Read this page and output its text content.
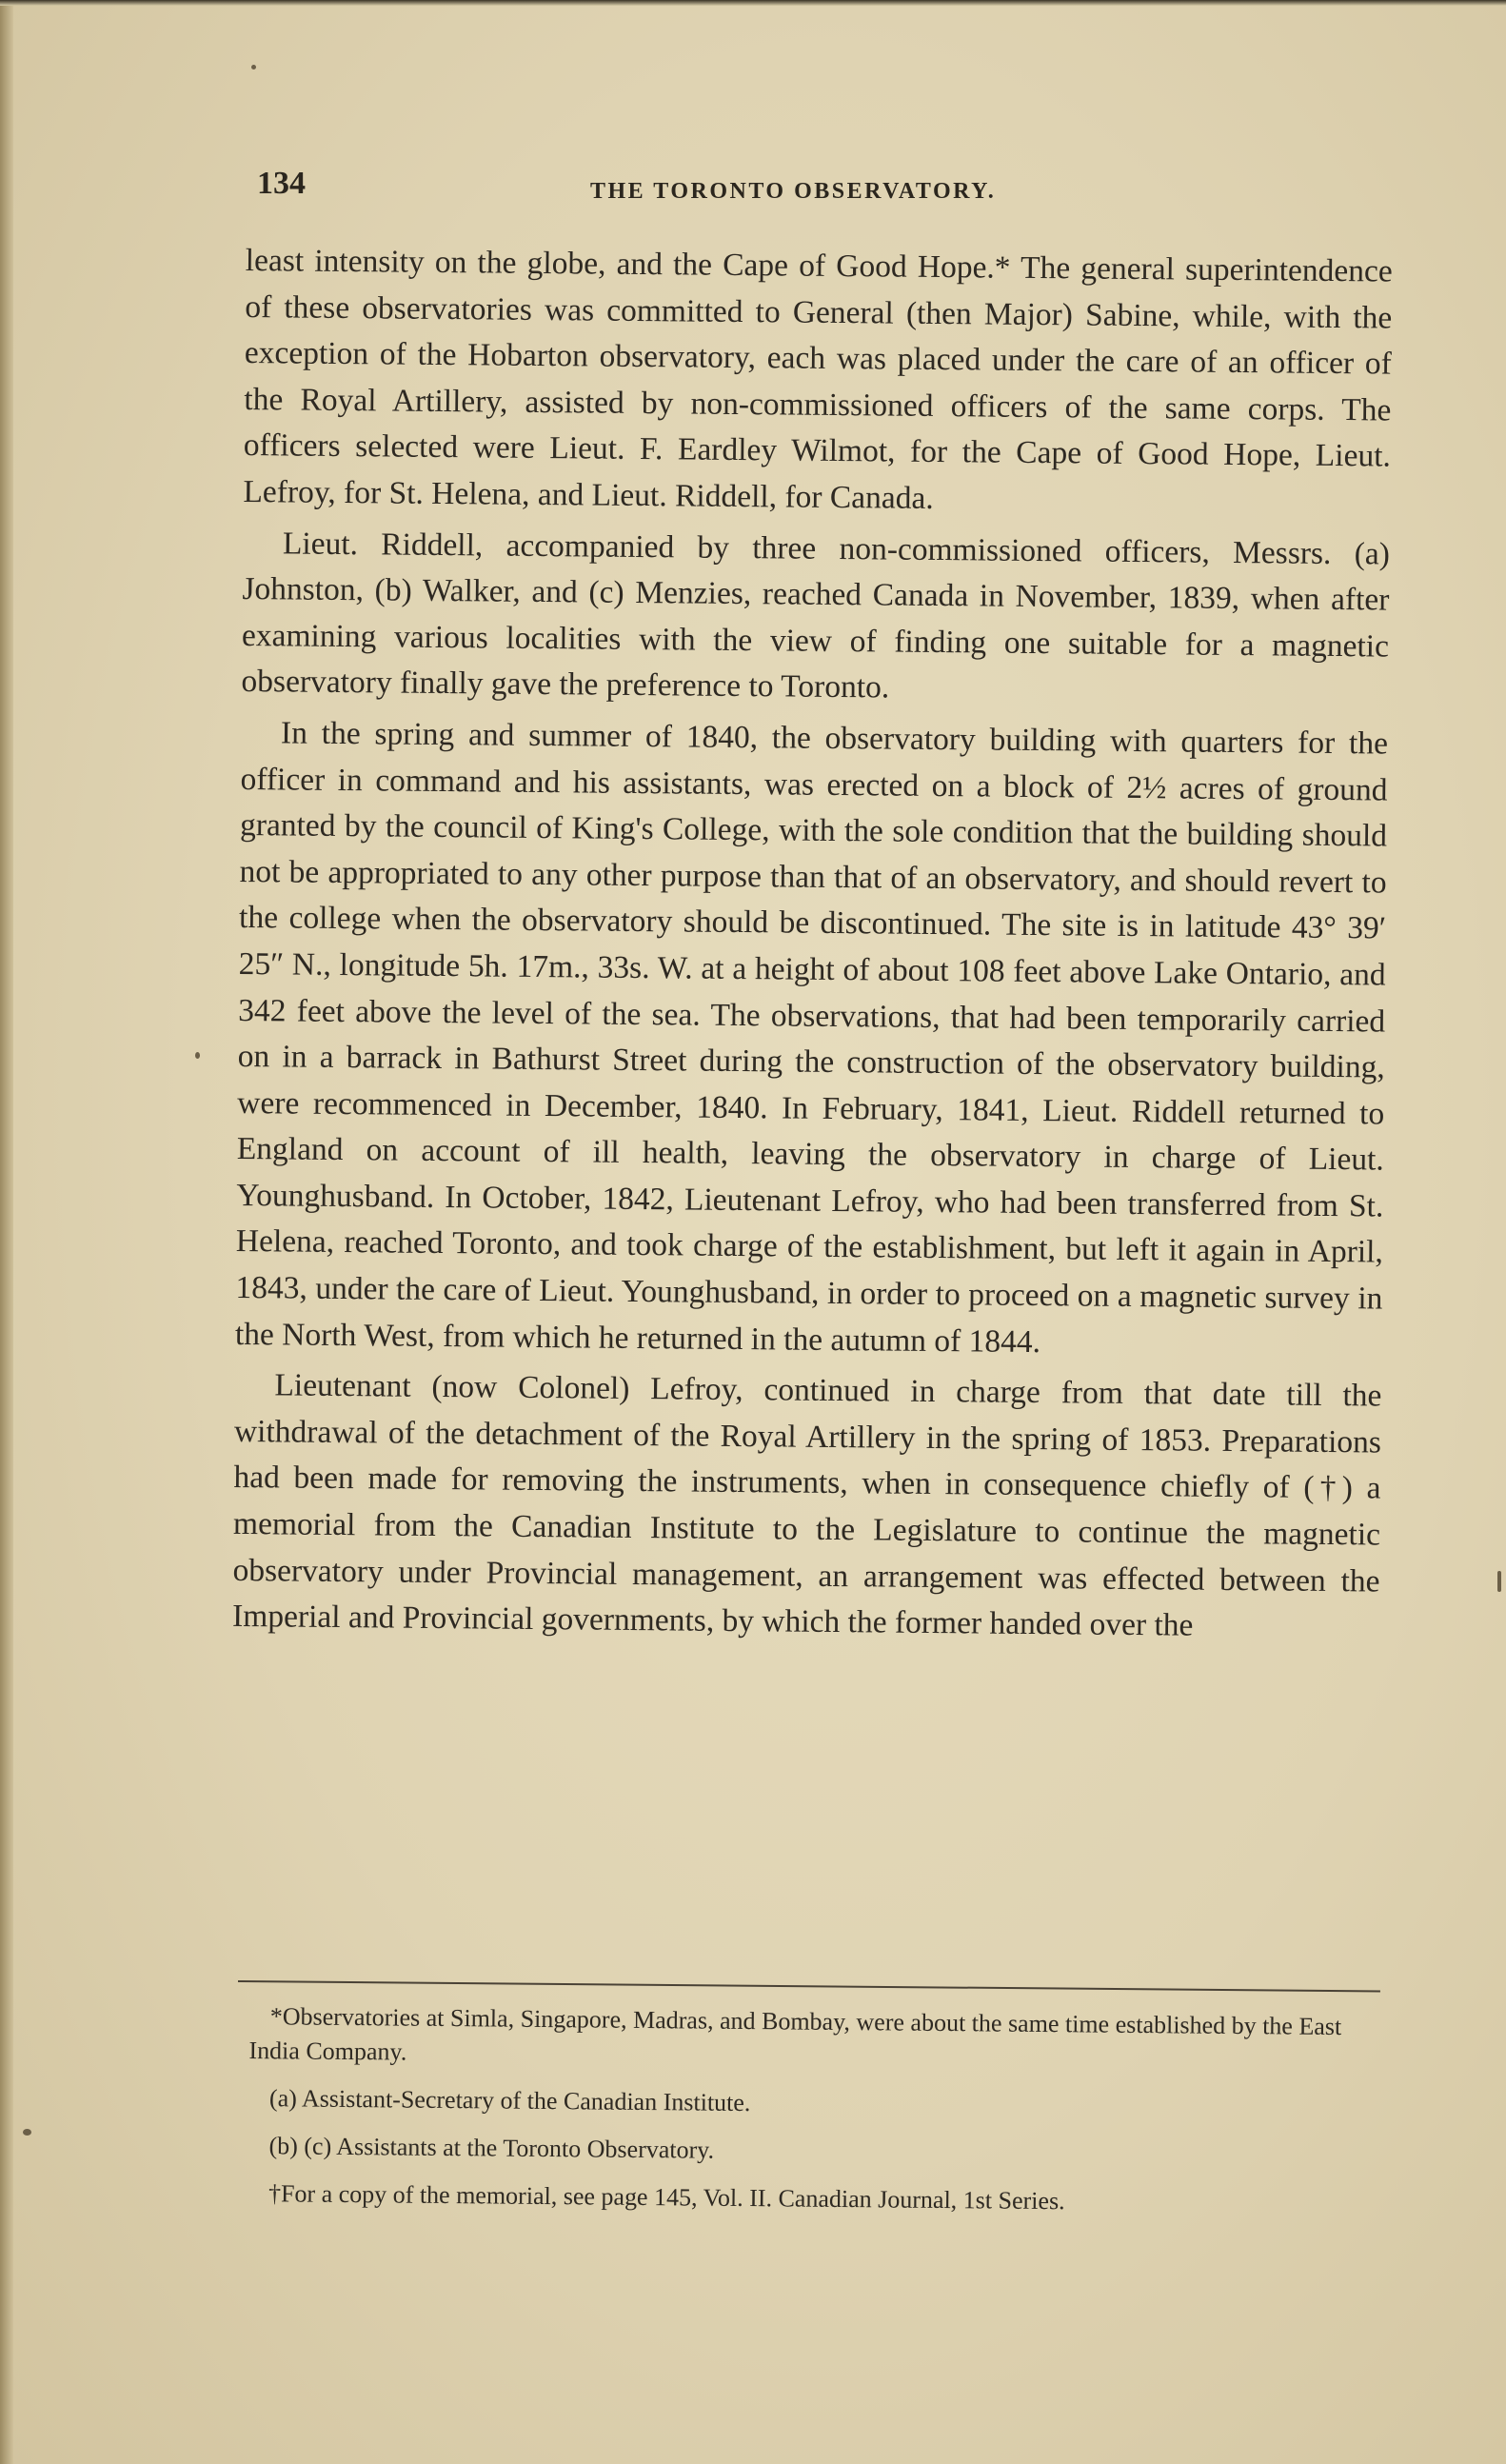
134	THE TORONTO OBSERVATORY.

least intensity on the globe, and the Cape of Good Hope.* The general superintendence of these observatories was committed to General (then Major) Sabine, while, with the exception of the Hobarton observatory, each was placed under the care of an officer of the Royal Artillery, assisted by non-commissioned officers of the same corps. The officers selected were Lieut. F. Eardley Wilmot, for the Cape of Good Hope, Lieut. Lefroy, for St. Helena, and Lieut. Riddell, for Canada.

Lieut. Riddell, accompanied by three non-commissioned officers, Messrs. (a) Johnston, (b) Walker, and (c) Menzies, reached Canada in November, 1839, when after examining various localities with the view of finding one suitable for a magnetic observatory finally gave the preference to Toronto.

In the spring and summer of 1840, the observatory building with quarters for the officer in command and his assistants, was erected on a block of 2½ acres of ground granted by the council of King's College, with the sole condition that the building should not be appropriated to any other purpose than that of an observatory, and should revert to the college when the observatory should be discontinued. The site is in latitude 43° 39′ 25″ N., longitude 5h. 17m., 33s. W. at a height of about 108 feet above Lake Ontario, and 342 feet above the level of the sea. The observations, that had been temporarily carried on in a barrack in Bathurst Street during the construction of the observatory building, were recommenced in December, 1840. In February, 1841, Lieut. Riddell returned to England on account of ill health, leaving the observatory in charge of Lieut. Younghusband. In October, 1842, Lieutenant Lefroy, who had been transferred from St. Helena, reached Toronto, and took charge of the establishment, but left it again in April, 1843, under the care of Lieut. Younghusband, in order to proceed on a magnetic survey in the North West, from which he returned in the autumn of 1844.

Lieutenant (now Colonel) Lefroy, continued in charge from that date till the withdrawal of the detachment of the Royal Artillery in the spring of 1853. Preparations had been made for removing the instruments, when in consequence chiefly of (†) a memorial from the Canadian Institute to the Legislature to continue the magnetic observatory under Provincial management, an arrangement was effected between the Imperial and Provincial governments, by which the former handed over the

*Observatories at Simla, Singapore, Madras, and Bombay, were about the same time established by the East India Company.

(a) Assistant-Secretary of the Canadian Institute.

(b) (c) Assistants at the Toronto Observatory.

†For a copy of the memorial, see page 145, Vol. II. Canadian Journal, 1st Series.
